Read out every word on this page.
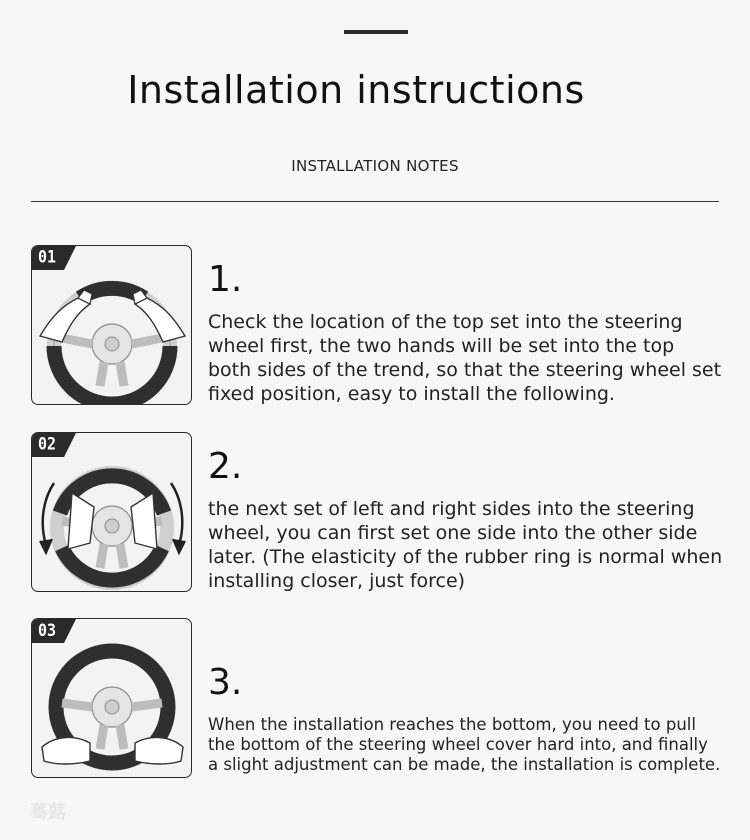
Installation instructions
INSTALLATION NOTES
01
1.

Check the location of the top set into the steering wheel first, the two hands will be set into the top both sides of the trend, so that the steering wheel set fixed position, easy to install the following.

02
2.

the next set of left and right sides into the steering wheel, you can first set one side into the other side later. (The elasticity of the rubber ring is normal when installing closer, just force)

03
3.

When the installation reaches the bottom, you need to pull the bottom of the steering wheel cover hard into, and finally a slight adjustment can be made, the installation is complete.

蓦蕗
